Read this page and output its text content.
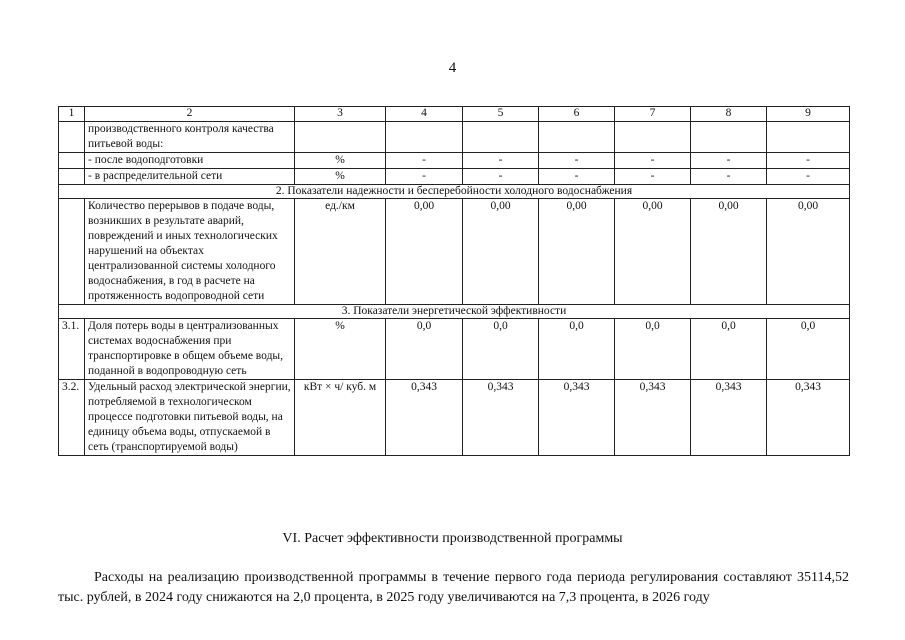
4
1	2	3	4	5	6	7	8	9
	производственного контроля качества питьевой воды:							
	- после водоподготовки	%	-	-	-	-	-	-
	- в распределительной сети	%	-	-	-	-	-	-
2. Показатели надежности и бесперебойности холодного водоснабжения								
	Количество перерывов в подаче воды, возникших в результате аварий, повреждений и иных технологических нарушений на объектах централизованной системы холодного водоснабжения, в год в расчете на протяженность водопроводной сети	ед./км	0,00	0,00	0,00	0,00	0,00	0,00
3. Показатели энергетической эффективности								
3.1.	Доля потерь воды в централизованных системах водоснабжения при транспортировке в общем объеме воды, поданной в водопроводную сеть	%	0,0	0,0	0,0	0,0	0,0	0,0
3.2.	Удельный расход электрической энергии, потребляемой в технологическом процессе подготовки питьевой воды, на единицу объема воды, отпускаемой в сеть (транспортируемой воды)	кВт × ч/ куб. м	0,343	0,343	0,343	0,343	0,343	0,343
VI. Расчет эффективности производственной программы
Расходы на реализацию производственной программы в течение первого года периода регулирования составляют 35114,52 тыс. рублей, в 2024 году снижаются на 2,0 процента, в 2025 году увеличиваются на 7,3 процента, в 2026 году
